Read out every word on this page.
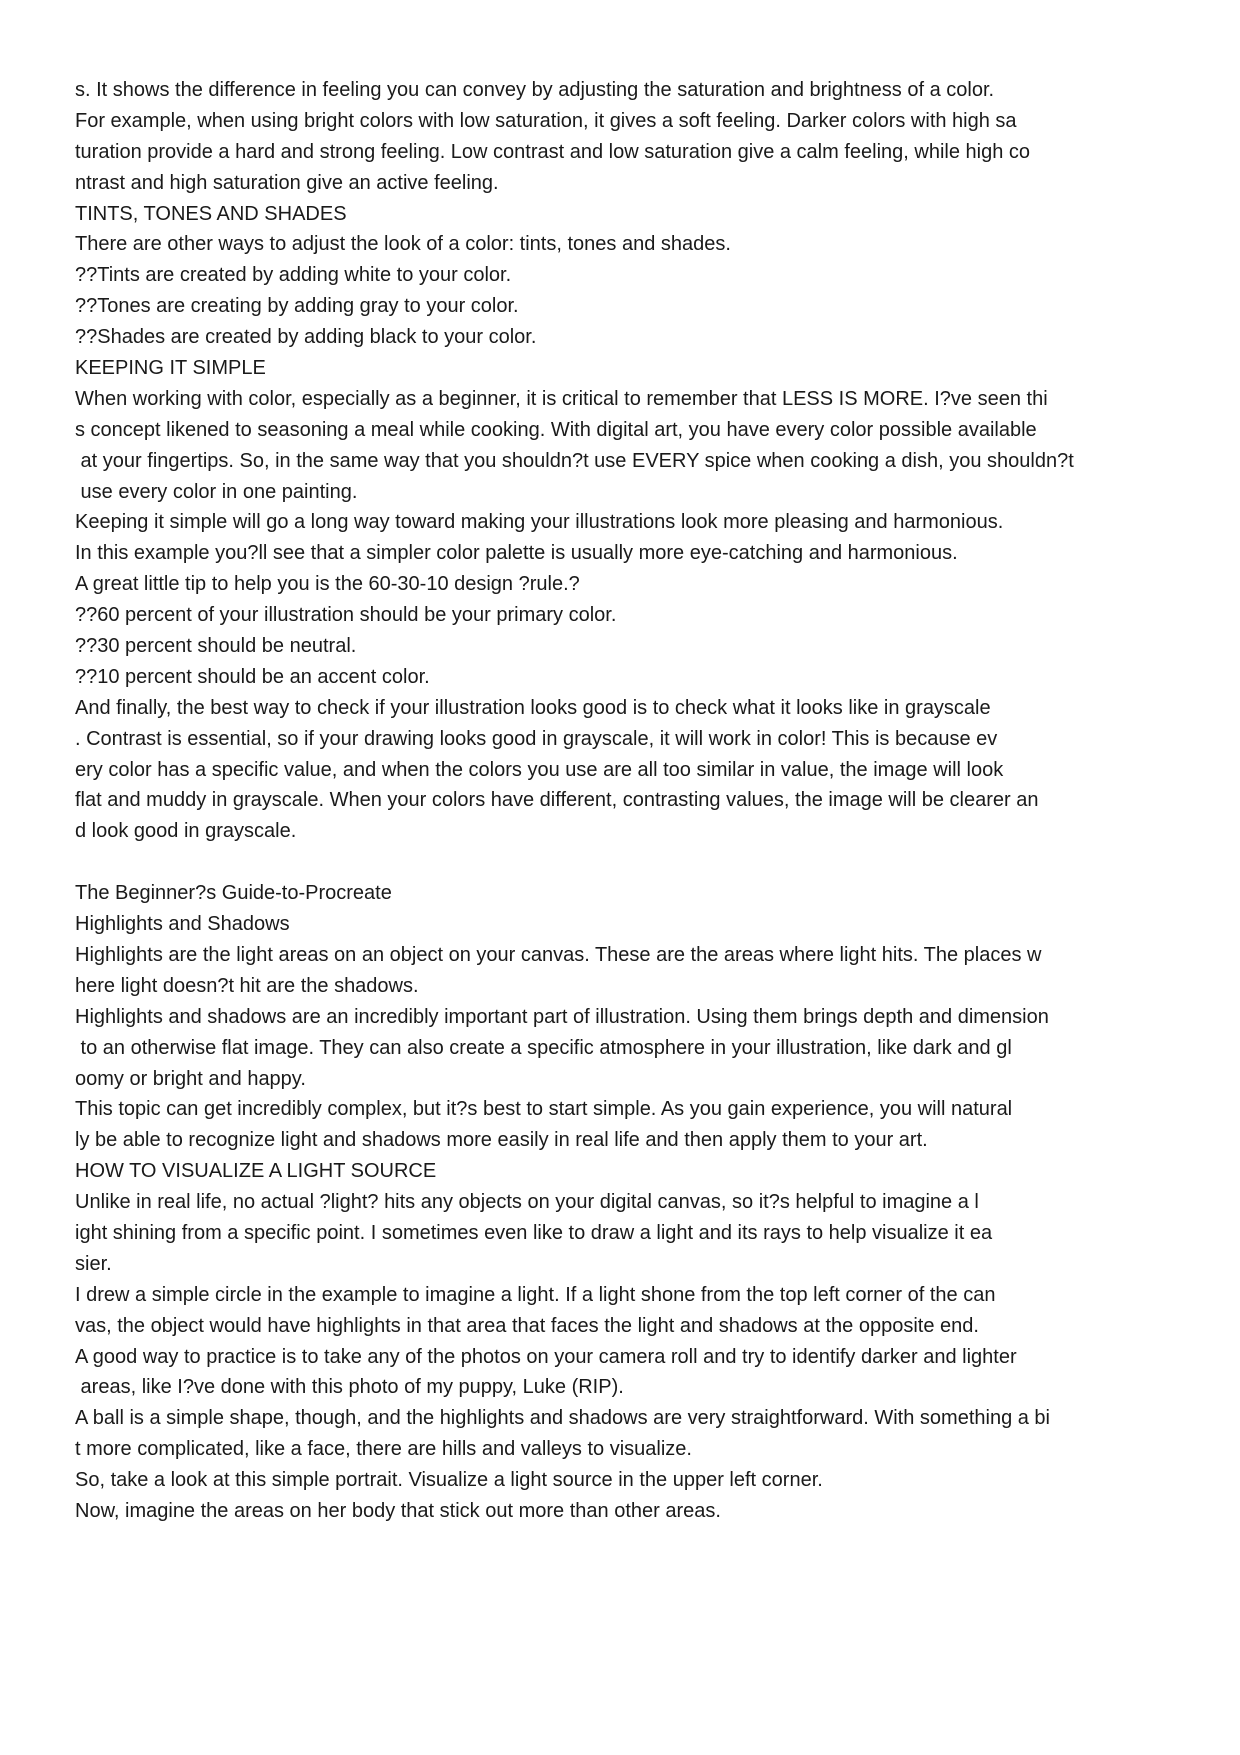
s. It shows the difference in feeling you can convey by adjusting the saturation and brightness of a color.

For example, when using bright colors with low saturation, it gives a soft feeling. Darker colors with high sa

turation provide a hard and strong feeling. Low contrast and low saturation give a calm feeling, while high co

ntrast and high saturation give an active feeling.

TINTS, TONES AND SHADES

There are other ways to adjust the look of a color: tints, tones and shades.

??Tints are created by adding white to your color.

??Tones are creating by adding gray to your color.

??Shades are created by adding black to your color.

KEEPING IT SIMPLE

When working with color, especially as a beginner, it is critical to remember that LESS IS MORE. I?ve seen thi

s concept likened to seasoning a meal while cooking. With digital art, you have every color possible available

at your fingertips. So, in the same way that you shouldn?t use EVERY spice when cooking a dish, you shouldn?t

use every color in one painting.

Keeping it simple will go a long way toward making your illustrations look more pleasing and harmonious.

In this example you?ll see that a simpler color palette is usually more eye-catching and harmonious.

A great little tip to help you is the 60-30-10 design ?rule.?

??60 percent of your illustration should be your primary color.

??30 percent should be neutral.

??10 percent should be an accent color.

And finally, the best way to check if your illustration looks good is to check what it looks like in grayscale

. Contrast is essential, so if your drawing looks good in grayscale, it will work in color! This is because ev

ery color has a specific value, and when the colors you use are all too similar in value, the image will look

flat and muddy in grayscale. When your colors have different, contrasting values, the image will be clearer an

d look good in grayscale.

The Beginner?s Guide-to-Procreate

Highlights and Shadows

Highlights are the light areas on an object on your canvas. These are the areas where light hits. The places w

here light doesn?t hit are the shadows.

Highlights and shadows are an incredibly important part of illustration. Using them brings depth and dimension

to an otherwise flat image. They can also create a specific atmosphere in your illustration, like dark and gl

oomy or bright and happy.

This topic can get incredibly complex, but it?s best to start simple. As you gain experience, you will natural

ly be able to recognize light and shadows more easily in real life and then apply them to your art.

HOW TO VISUALIZE A LIGHT SOURCE

Unlike in real life, no actual ?light? hits any objects on your digital canvas, so it?s helpful to imagine a l

ight shining from a specific point. I sometimes even like to draw a light and its rays to help visualize it ea

sier.

I drew a simple circle in the example to imagine a light. If a light shone from the top left corner of the can

vas, the object would have highlights in that area that faces the light and shadows at the opposite end.

A good way to practice is to take any of the photos on your camera roll and try to identify darker and lighter

areas, like I?ve done with this photo of my puppy, Luke (RIP).

A ball is a simple shape, though, and the highlights and shadows are very straightforward. With something a bi

t more complicated, like a face, there are hills and valleys to visualize.

So, take a look at this simple portrait. Visualize a light source in the upper left corner.

Now, imagine the areas on her body that stick out more than other areas.
